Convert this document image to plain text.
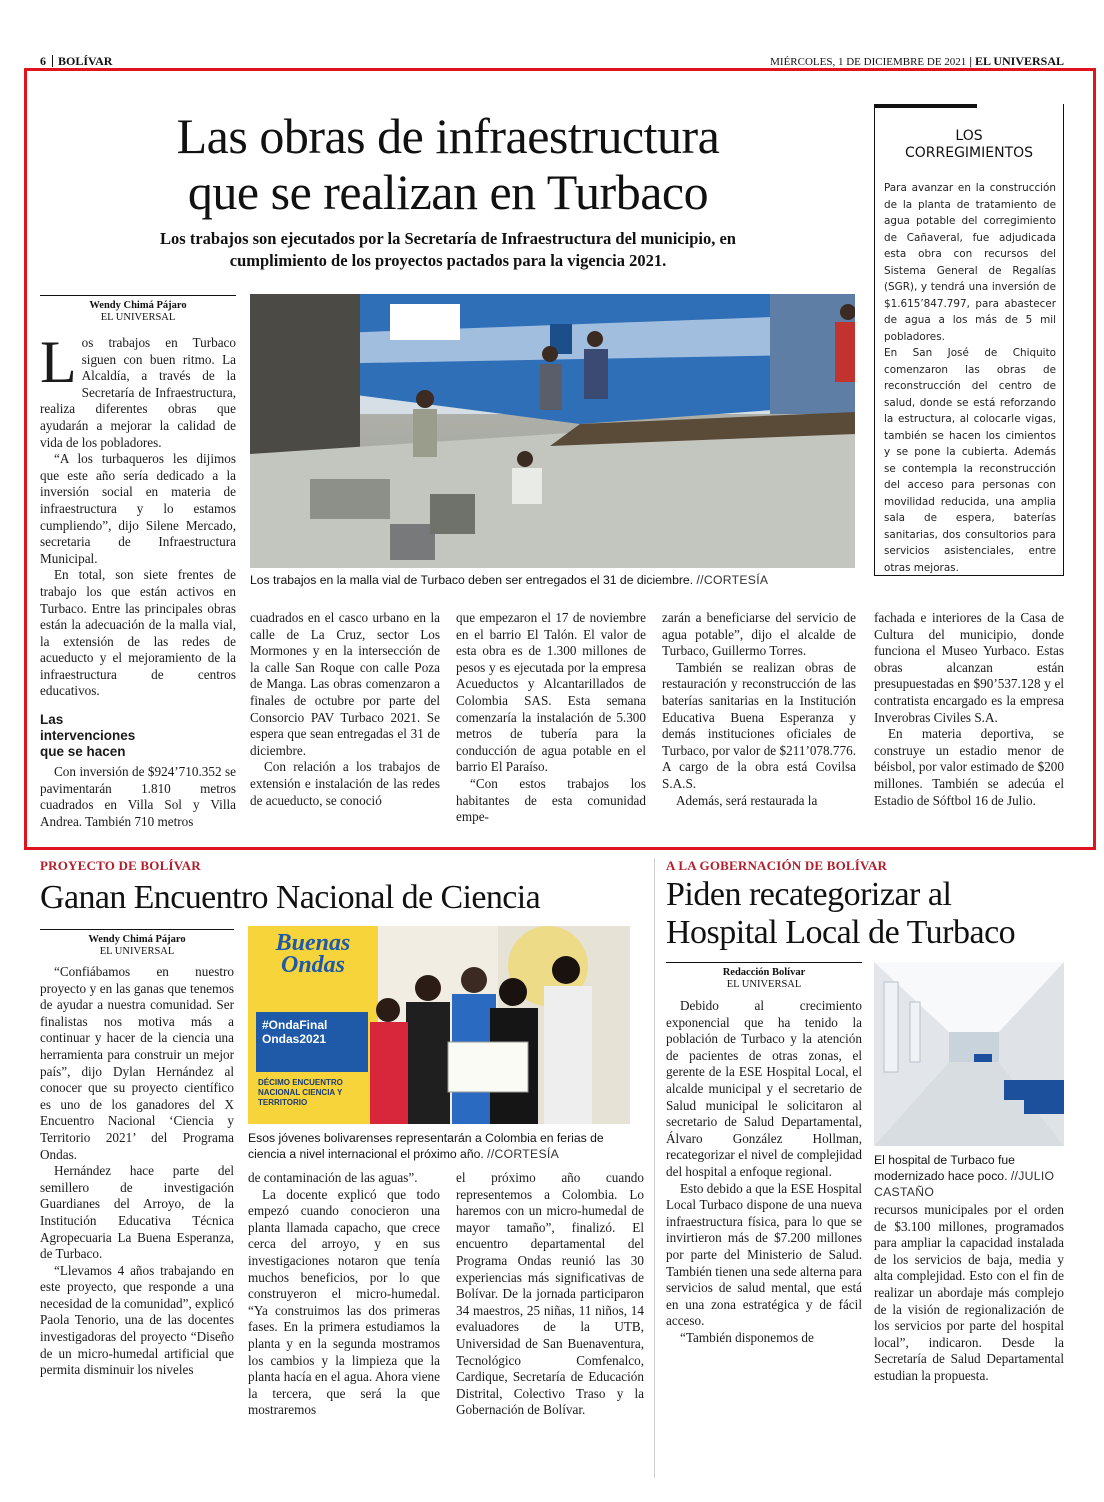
6 BOLÍVAR	MIÉRCOLES, 1 DE DICIEMBRE DE 2021 | EL UNIVERSAL
Las obras de infraestructura
que se realizan en Turbaco
Los trabajos son ejecutados por la Secretaría de Infraestructura del municipio, en
cumplimiento de los proyectos pactados para la vigencia 2021.
Wendy Chimá Pájaro
EL UNIVERSAL

Los trabajos en Turbaco siguen con buen ritmo. La Alcaldía, a través de la Secretaría de Infraestructura, realiza diferentes obras que ayudarán a mejorar la calidad de vida de los pobladores.

“A los turbaqueros les dijimos que este año sería dedicado a la inversión social en materia de infraestructura y lo estamos cumpliendo”, dijo Silene Mercado, secretaria de Infraestructura Municipal.

En total, son siete frentes de trabajo los que están activos en Turbaco. Entre las principales obras están la adecuación de la malla vial, la extensión de las redes de acueducto y el mejoramiento de la infraestructura de centros educativos.

Las intervenciones que se hacen

Con inversión de $924’710.352 se pavimentarán 1.810 metros cuadrados en Villa Sol y Villa Andrea. También 710 metros

Los trabajos en la malla vial de Turbaco deben ser entregados el 31 de diciembre. //CORTESÍA

cuadrados en el casco urbano en la calle de La Cruz, sector Los Mormones y en la intersección de la calle San Roque con calle Poza de Manga. Las obras comenzaron a finales de octubre por parte del Consorcio PAV Turbaco 2021. Se espera que sean entregadas el 31 de diciembre.

Con relación a los trabajos de extensión e instalación de las redes de acueducto, se conoció

que empezaron el 17 de noviembre en el barrio El Talón. El valor de esta obra es de 1.300 millones de pesos y es ejecutada por la empresa Acueductos y Alcantarillados de Colombia SAS. Esta semana comenzaría la instalación de 5.300 metros de tubería para la conducción de agua potable en el barrio El Paraíso.

“Con estos trabajos los habitantes de esta comunidad empe-

zarán a beneficiarse del servicio de agua potable”, dijo el alcalde de Turbaco, Guillermo Torres.

También se realizan obras de restauración y reconstrucción de las baterías sanitarias en la Institución Educativa Buena Esperanza y demás instituciones oficiales de Turbaco, por valor de $211’078.776. A cargo de la obra está Covilsa S.A.S.

Además, será restaurada la

fachada e interiores de la Casa de Cultura del municipio, donde funciona el Museo Yurbaco. Estas obras alcanzan están presupuestadas en $90’537.128 y el contratista encargado es la empresa Inverobras Civiles S.A.

En materia deportiva, se construye un estadio menor de béisbol, por valor estimado de $200 millones. También se adecúa el Estadio de Sóftbol 16 de Julio.

LOS
CORREGIMIENTOS

Para avanzar en la construcción de la planta de tratamiento de agua potable del corregimiento de Cañaveral, fue adjudicada esta obra con recursos del Sistema General de Regalías (SGR), y tendrá una inversión de $1.615’847.797, para abastecer de agua a los más de 5 mil pobladores.

En San José de Chiquito comenzaron las obras de reconstrucción del centro de salud, donde se está reforzando la estructura, al colocarle vigas, también se hacen los cimientos y se pone la cubierta. Además se contempla la reconstrucción del acceso para personas con movilidad reducida, una amplia sala de espera, baterías sanitarias, dos consultorios para servicios asistenciales, entre otras mejoras.

PROYECTO DE BOLÍVAR
Ganan Encuentro Nacional de Ciencia
Wendy Chimá Pájaro
EL UNIVERSAL

“Confiábamos en nuestro proyecto y en las ganas que tenemos de ayudar a nuestra comunidad. Ser finalistas nos motiva más a continuar y hacer de la ciencia una herramienta para construir un mejor país”, dijo Dylan Hernández al conocer que su proyecto científico es uno de los ganadores del X Encuentro Nacional ‘Ciencia y Territorio 2021’ del Programa Ondas.

Hernández hace parte del semillero de investigación Guardianes del Arroyo, de la Institución Educativa Técnica Agropecuaria La Buena Esperanza, de Turbaco.

“Llevamos 4 años trabajando en este proyecto, que responde a una necesidad de la comunidad”, explicó Paola Tenorio, una de las docentes investigadoras del proyecto “Diseño de un micro-humedal artificial que permita disminuir los niveles

Buenas
Ondas
#OndaFinal
Ondas2021
DÉCIMO ENCUENTRO NACIONAL CIENCIA Y TERRITORIO
Esos jóvenes bolivarenses representarán a Colombia en ferias de ciencia a nivel internacional el próximo año. //CORTESÍA

de contaminación de las aguas”.

La docente explicó que todo empezó cuando conocieron una planta llamada capacho, que crece cerca del arroyo, y en sus investigaciones notaron que tenía muchos beneficios, por lo que construyeron el micro-humedal. “Ya construimos las dos primeras fases. En la primera estudiamos la planta y en la segunda mostramos los cambios y la limpieza que la planta hacía en el agua. Ahora viene la tercera, que será la que mostraremos

el próximo año cuando representemos a Colombia. Lo haremos con un micro-humedal de mayor tamaño”, finalizó. El encuentro departamental del Programa Ondas reunió las 30 experiencias más significativas de Bolívar. De la jornada participaron 34 maestros, 25 niñas, 11 niños, 14 evaluadores de la UTB, Universidad de San Buenaventura, Tecnológico Comfenalco, Cardique, Secretaría de Educación Distrital, Colectivo Traso y la Gobernación de Bolívar.

A LA GOBERNACIÓN DE BOLÍVAR
Piden recategorizar al
Hospital Local de Turbaco
Redacción Bolívar
EL UNIVERSAL

Debido al crecimiento exponencial que ha tenido la población de Turbaco y la atención de pacientes de otras zonas, el gerente de la ESE Hospital Local, el alcalde municipal y el secretario de Salud municipal le solicitaron al secretario de Salud Departamental, Álvaro González Hollman, recategorizar el nivel de complejidad del hospital a enfoque regional.

Esto debido a que la ESE Hospital Local Turbaco dispone de una nueva infraestructura física, para lo que se invirtieron más de $7.200 millones por parte del Ministerio de Salud. También tienen una sede alterna para servicios de salud mental, que está en una zona estratégica y de fácil acceso.

“También disponemos de

El hospital de Turbaco fue modernizado hace poco. //JULIO CASTAÑO

recursos municipales por el orden de $3.100 millones, programados para ampliar la capacidad instalada de los servicios de baja, media y alta complejidad. Esto con el fin de realizar un abordaje más complejo de la visión de regionalización de los servicios por parte del hospital local”, indicaron. Desde la Secretaría de Salud Departamental estudian la propuesta.
